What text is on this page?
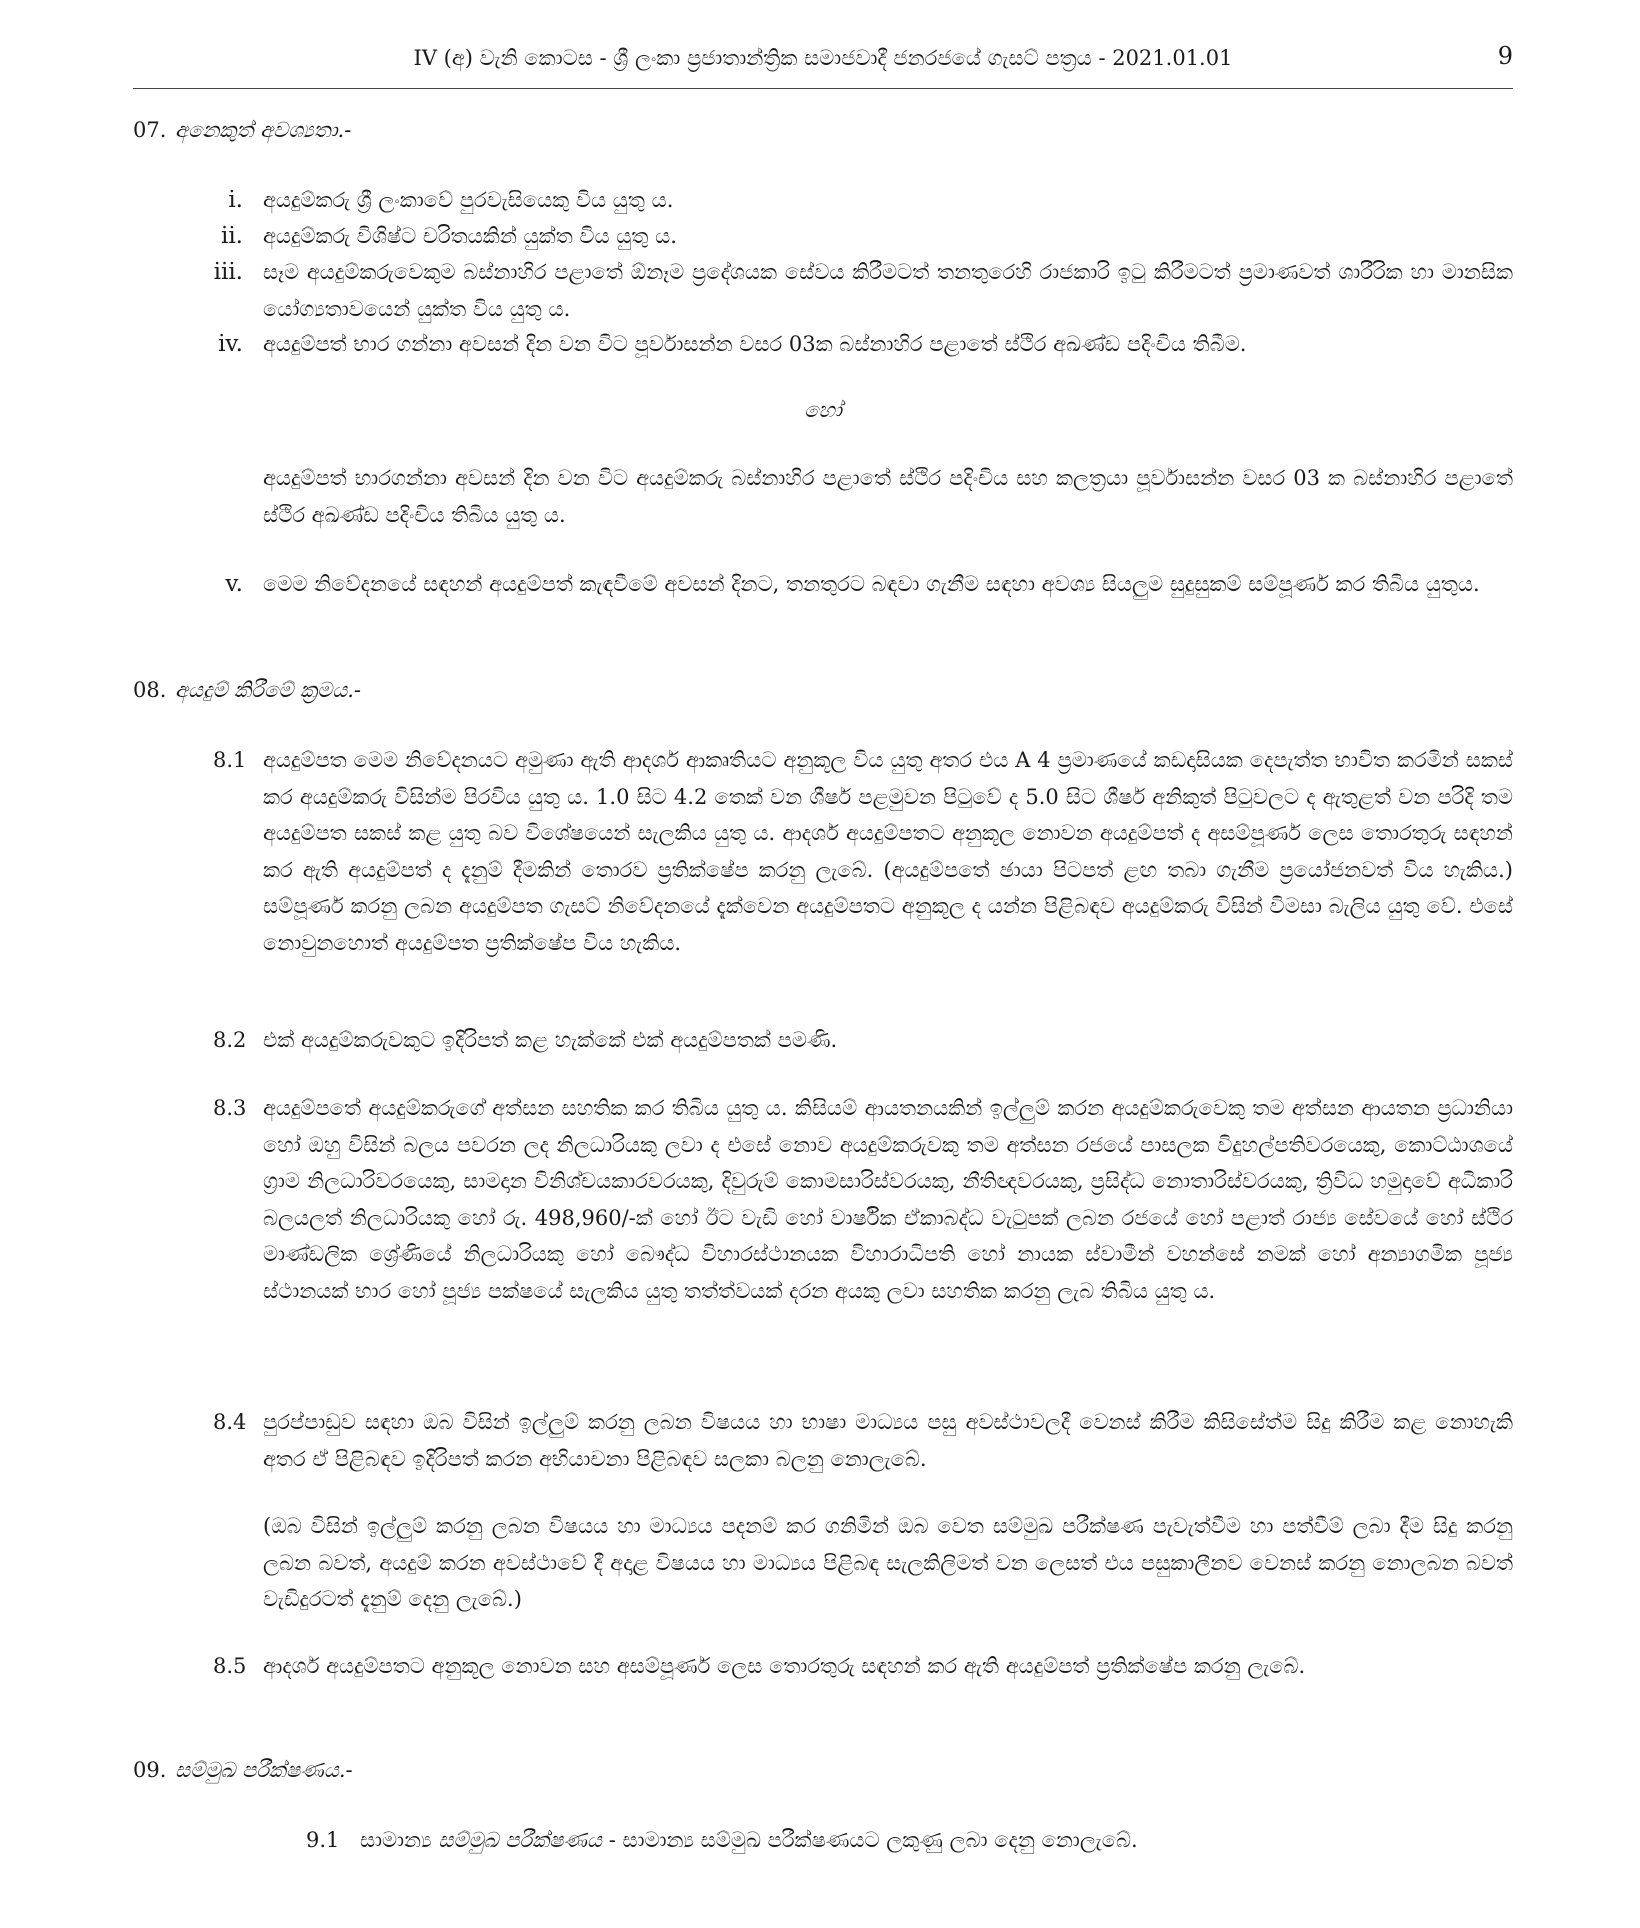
IV (අ) වැනි කොටස - ශ්‍රී ලංකා ප්‍රජාතාන්ත්‍රික සමාජවාදී ජනරජයේ ගැසට් පත්‍රය - 2021.01.01	9
07. අනෙකුත් අවශ්‍යතා.-
i. අයදුම්කරු ශ්‍රී ලංකාවේ පුරවැසියෙකු විය යුතු ය.

ii. අයදුම්කරු විශිෂ්ට චරිතයකින් යුක්ත විය යුතු ය.

iii. සෑම අයදුම්කරුවෙකුම බස්නාහිර පළාතේ ඕනෑම ප්‍රදේශයක සේවය කිරීමටත් තනතුරෙහි රාජකාරි ඉටු කිරීමටත් ප්‍රමාණවත් ශාරීරික හා මානසික යෝග්‍යතාවයෙන් යුක්ත විය යුතු ය.

iv. අයදුම්පත් භාර ගන්නා අවසන් දින වන විට පූර්වාසන්න වසර 03ක බස්නාහිර පළාතේ ස්ථිර අඛණ්ඩ පදිංචිය තිබීම.

හෝ

අයදුම්පත් භාරගන්නා අවසන් දින වන විට අයදුම්කරු බස්නාහිර පළාතේ ස්ථිර පදිංචිය සහ කලත්‍රයා පූර්වාසන්න වසර 03 ක බස්නාහිර පළාතේ ස්ථිර අඛණ්ඩ පදිංචිය තිබිය යුතු ය.

v. මෙම නිවේදනයේ සඳහන් අයදුම්පත් කැඳවීමේ අවසන් දිනට, තනතුරට බඳවා ගැනීම සඳහා අවශ්‍ය සියලුම සුදුසුකම් සම්පූර්ණ කර තිබිය යුතුය.

08. අයදුම් කිරීමේ ක්‍රමය.-
8.1 අයදුම්පත මෙම නිවේදනයට අමුණා ඇති ආදර්ශ ආකෘතියට අනුකූල විය යුතු අතර එය A 4 ප්‍රමාණයේ කඩදාසියක දෙපැත්ත භාවිත කරමින් සකස් කර අයදුම්කරු විසින්ම පිරවිය යුතු ය. 1.0 සිට 4.2 තෙක් වන ශීර්ෂ පළමුවන පිටුවේ ද 5.0 සිට ශීර්ෂ අනිකුත් පිටුවලට ද ඇතුළත් වන පරිදි තම අයදුම්පත සකස් කළ යුතු බව විශේෂයෙන් සැලකිය යුතු ය. ආදර්ශ අයදුම්පතට අනුකූල නොවන අයදුම්පත් ද අසම්පූර්ණ ලෙස තොරතුරු සඳහන් කර ඇති අයදුම්පත් ද දැනුම් දීමකින් තොරව ප්‍රතික්ෂේප කරනු ලැබේ. (අයදුම්පතේ ඡායා පිටපත් ළඟ තබා ගැනීම ප්‍රයෝජනවත් විය හැකිය.) සම්පූර්ණ කරනු ලබන අයදුම්පත ගැසට් නිවේදනයේ දැක්වෙන අයදුම්පතට අනුකූල ද යන්න පිළිබඳව අයදුම්කරු විසින් විමසා බැලිය යුතු වේ. එසේ නොවුනහොත් අයදුම්පත ප්‍රතික්ෂේප විය හැකිය.

8.2 එක් අයදුම්කරුවකුට ඉදිරිපත් කළ හැක්කේ එක් අයදුම්පතක් පමණි.

8.3 අයදුම්පතේ අයදුම්කරුගේ අත්සන සහතික කර තිබිය යුතු ය. කිසියම් ආයතනයකින් ඉල්ලුම් කරන අයදුම්කරුවෙකු තම අත්සන ආයතන ප්‍රධානියා හෝ ඔහු විසින් බලය පවරන ලද නිලධාරියකු ලවා ද එසේ නොව අයදුම්කරුවකු තම අත්සන රජයේ පාසලක විදුහල්පතිවරයෙකු, කොට්ඨාශයේ ග්‍රාම නිලධාරිවරයෙකු, සාමදාන විනිශ්චයකාරවරයකු, දිවුරුම් කොමසාරිස්වරයකු, නීතිඥවරයකු, ප්‍රසිද්ධ නොතාරිස්වරයකු, ත්‍රිවිධ හමුදාවේ අධිකාරි බලයලත් නිලධාරියකු හෝ රු. 498,960/-ක් හෝ ඊට වැඩි හෝ වාර්ෂික ඒකාබද්ධ වැටුපක් ලබන රජයේ හෝ පළාත් රාජ්‍ය සේවයේ හෝ ස්ථිර මාණ්ඩලික ශ්‍රේණියේ නිලධාරියකු හෝ බෞද්ධ විහාරස්ථානයක විහාරාධිපති හෝ නායක ස්වාමීන් වහන්සේ නමක් හෝ අන්‍යාගමික පූජ්‍ය ස්ථානයක් භාර හෝ පූජ්‍ය පක්ෂයේ සැලකිය යුතු තත්ත්වයක් දරන අයකු ලවා සහතික කරනු ලැබ තිබිය යුතු ය.

8.4 පුරප්පාඩුව සඳහා ඔබ විසින් ඉල්ලුම් කරනු ලබන විෂයය හා භාෂා මාධ්‍යය පසු අවස්ථාවලදී වෙනස් කිරීම කිසිසේත්ම සිදු කිරීම කළ නොහැකි අතර ඒ පිළිබඳව ඉදිරිපත් කරන අභියාචනා පිළිබඳව සලකා බලනු නොලැබේ.

(ඔබ විසින් ඉල්ලුම් කරනු ලබන විෂයය හා මාධ්‍යය පදනම් කර ගනිමින් ඔබ වෙත සම්මුඛ පරීක්ෂණ පැවැත්වීම හා පත්වීම් ලබා දීම සිදු කරනු ලබන බවත්, අයදුම් කරන අවස්ථාවේ දී අදාළ විෂයය හා මාධ්‍යය පිළිබඳ සැලකිලිමත් වන ලෙසත් එය පසුකාලීනව වෙනස් කරනු නොලබන බවත් වැඩිදුරටත් දැනුම් දෙනු ලැබේ.)

8.5 ආදර්ශ අයදුම්පතට අනුකූල නොවන සහ අසම්පූර්ණ ලෙස තොරතුරු සඳහන් කර ඇති අයදුම්පත් ප්‍රතික්ෂේප කරනු ලැබේ.

09. සම්මුඛ පරීක්ෂණය.-
9.1 සාමාන්‍ය සම්මුඛ පරීක්ෂණය - සාමාන්‍ය සම්මුඛ පරීක්ෂණයට ලකුණු ලබා දෙනු නොලැබේ.
